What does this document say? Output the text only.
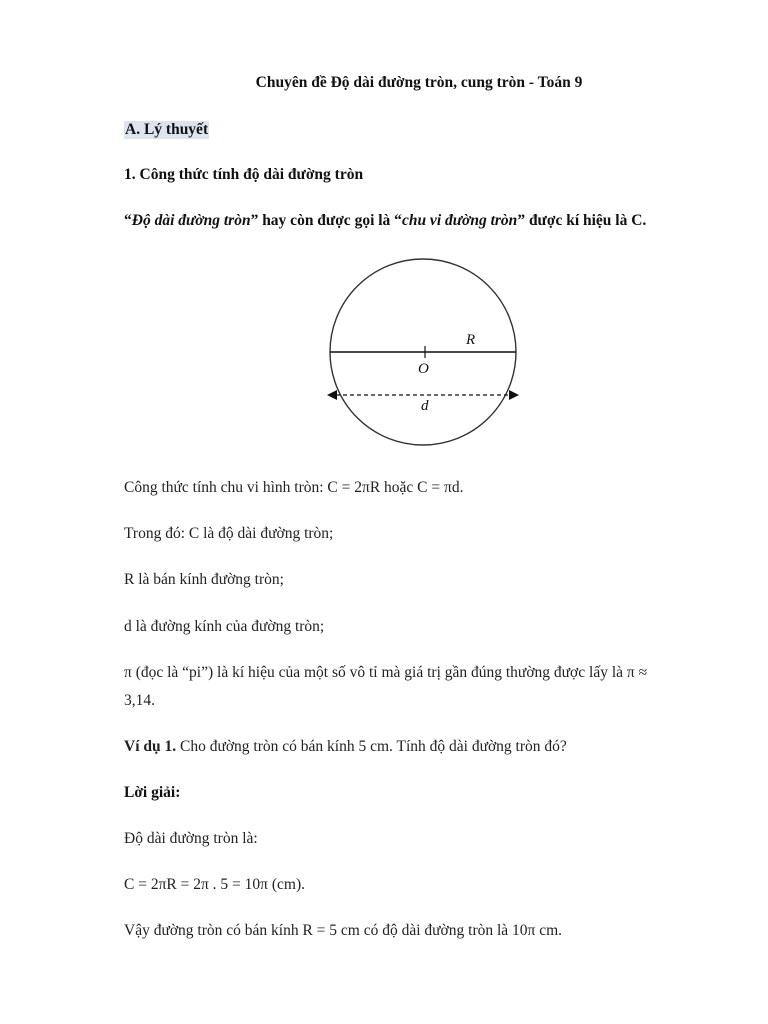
Chuyên đề Độ dài đường tròn, cung tròn - Toán 9
A. Lý thuyết
1. Công thức tính độ dài đường tròn
“Độ dài đường tròn” hay còn được gọi là “chu vi đường tròn” được kí hiệu là C.
R
O
d
Công thức tính chu vi hình tròn: C = 2πR hoặc C = πd.
Trong đó: C là độ dài đường tròn;
R là bán kính đường tròn;
d là đường kính của đường tròn;
π (đọc là “pi”) là kí hiệu của một số vô tỉ mà giá trị gần đúng thường được lấy là π ≈
3,14.
Ví dụ 1. Cho đường tròn có bán kính 5 cm. Tính độ dài đường tròn đó?
Lời giải:
Độ dài đường tròn là:
C = 2πR = 2π . 5 = 10π (cm).
Vậy đường tròn có bán kính R = 5 cm có độ dài đường tròn là 10π cm.
